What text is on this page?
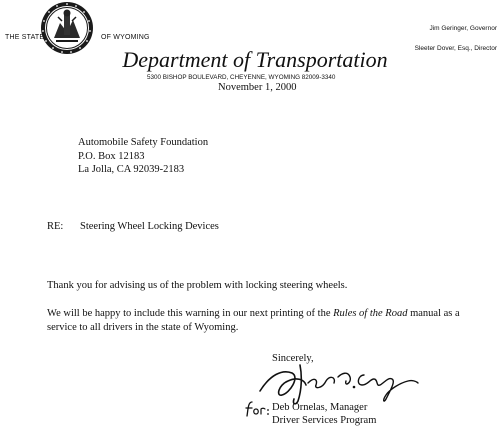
THE STATE	OF WYOMING
Jim Geringer, Governor
Sleeter Dover, Esq., Director
Department of Transportation
5300 BISHOP BOULEVARD, CHEYENNE, WYOMING 82009-3340
November 1, 2000
Automobile Safety Foundation
P.O. Box 12183
La Jolla, CA 92039-2183
RE: Steering Wheel Locking Devices
Thank you for advising us of the problem with locking steering wheels.
We will be happy to include this warning in our next printing of the Rules of the Road manual as a service to all drivers in the state of Wyoming.
Sincerely,
Deb Ornelas, Manager
Driver Services Program
